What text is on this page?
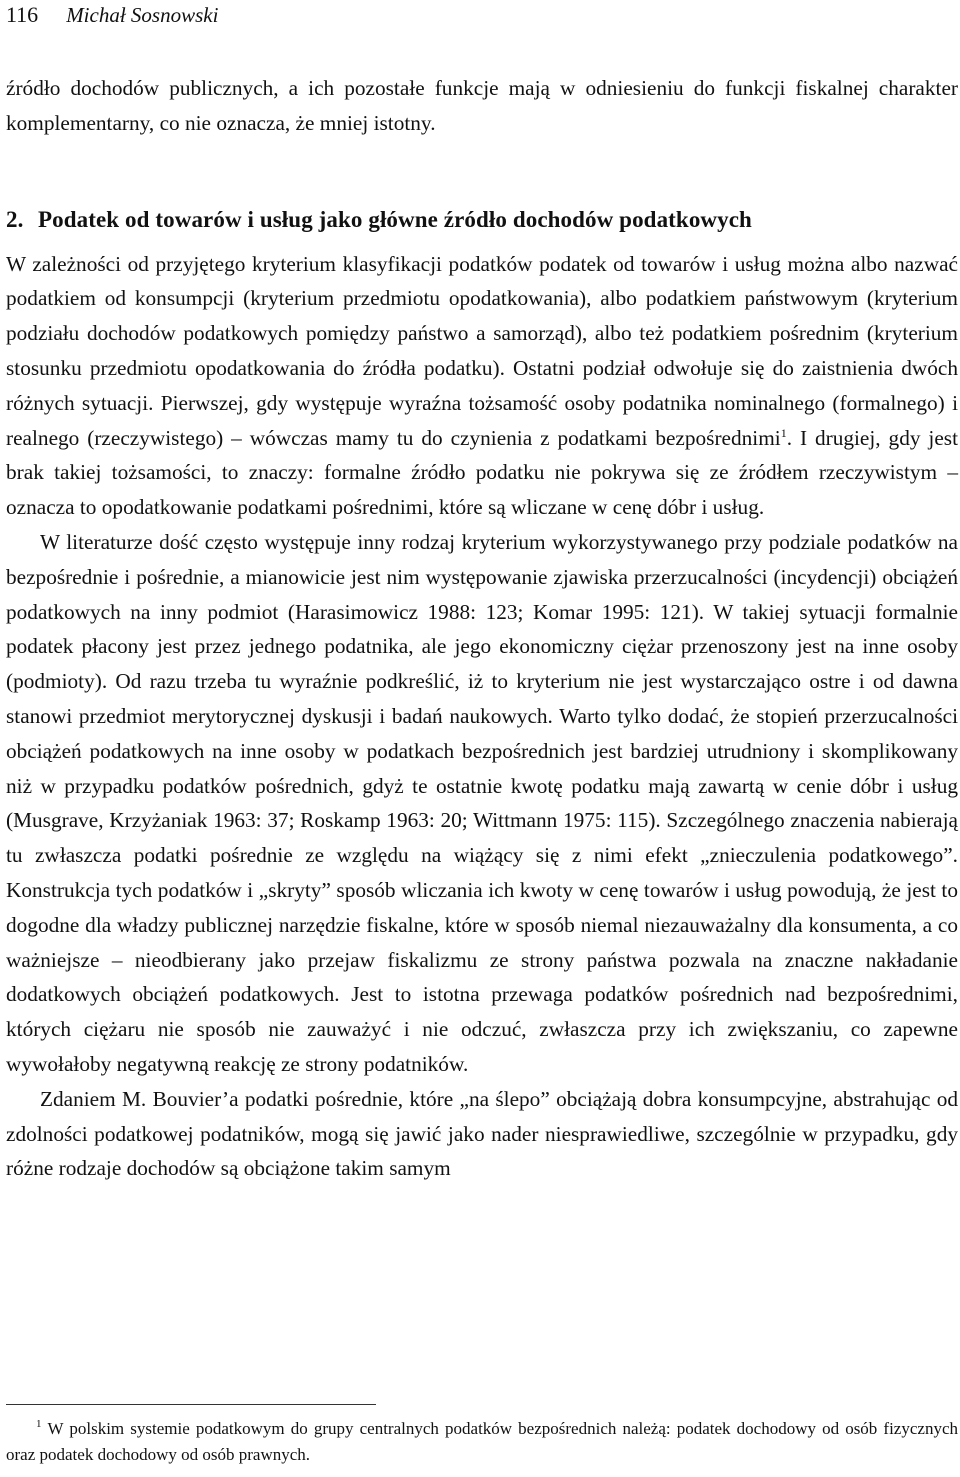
116 Michał Sosnowski

źródło dochodów publicznych, a ich pozostałe funkcje mają w odniesieniu do funkcji fiskalnej charakter komplementarny, co nie oznacza, że mniej istotny.

2. Podatek od towarów i usług jako główne źródło dochodów podatkowych

W zależności od przyjętego kryterium klasyfikacji podatków podatek od towarów i usług można albo nazwać podatkiem od konsumpcji (kryterium przedmiotu opodatkowania), albo podatkiem państwowym (kryterium podziału dochodów podatkowych pomiędzy państwo a samorząd), albo też podatkiem pośrednim (kryterium stosunku przedmiotu opodatkowania do źródła podatku). Ostatni podział odwołuje się do zaistnienia dwóch różnych sytuacji. Pierwszej, gdy występuje wyraźna tożsamość osoby podatnika nominalnego (formalnego) i realnego (rzeczywistego) – wówczas mamy tu do czynienia z podatkami bezpośrednimi$^1$. I drugiej, gdy jest brak takiej tożsamości, to znaczy: formalne źródło podatku nie pokrywa się ze źródłem rzeczywistym – oznacza to opodatkowanie podatkami pośrednimi, które są wliczane w cenę dóbr i usług.

W literaturze dość często występuje inny rodzaj kryterium wykorzystywanego przy podziale podatków na bezpośrednie i pośrednie, a mianowicie jest nim występowanie zjawiska przerzucalności (incydencji) obciążeń podatkowych na inny podmiot (Harasimowicz 1988: 123; Komar 1995: 121). W takiej sytuacji formalnie podatek płacony jest przez jednego podatnika, ale jego ekonomiczny ciężar przenoszony jest na inne osoby (podmioty). Od razu trzeba tu wyraźnie podkreślić, iż to kryterium nie jest wystarczająco ostre i od dawna stanowi przedmiot merytorycznej dyskusji i badań naukowych. Warto tylko dodać, że stopień przerzucalności obciążeń podatkowych na inne osoby w podatkach bezpośrednich jest bardziej utrudniony i skomplikowany niż w przypadku podatków pośrednich, gdyż te ostatnie kwotę podatku mają zawartą w cenie dóbr i usług (Musgrave, Krzyżaniak 1963: 37; Roskamp 1963: 20; Wittmann 1975: 115). Szczególnego znaczenia nabierają tu zwłaszcza podatki pośrednie ze względu na wiążący się z nimi efekt „znieczulenia podatkowego”. Konstrukcja tych podatków i „skryty” sposób wliczania ich kwoty w cenę towarów i usług powodują, że jest to dogodne dla władzy publicznej narzędzie fiskalne, które w sposób niemal niezauważalny dla konsumenta, a co ważniejsze – nieodbierany jako przejaw fiskalizmu ze strony państwa pozwala na znaczne nakładanie dodatkowych obciążeń podatkowych. Jest to istotna przewaga podatków pośrednich nad bezpośrednimi, których ciężaru nie sposób nie zauważyć i nie odczuć, zwłaszcza przy ich zwiększaniu, co zapewne wywołałoby negatywną reakcję ze strony podatników.

Zdaniem M. Bouvier’a podatki pośrednie, które „na ślepo” obciążają dobra konsumpcyjne, abstrahując od zdolności podatkowej podatników, mogą się jawić jako nader niesprawiedliwe, szczególnie w przypadku, gdy różne rodzaje dochodów są obciążone takim samym

$^1$ W polskim systemie podatkowym do grupy centralnych podatków bezpośrednich należą: podatek dochodowy od osób fizycznych oraz podatek dochodowy od osób prawnych.
